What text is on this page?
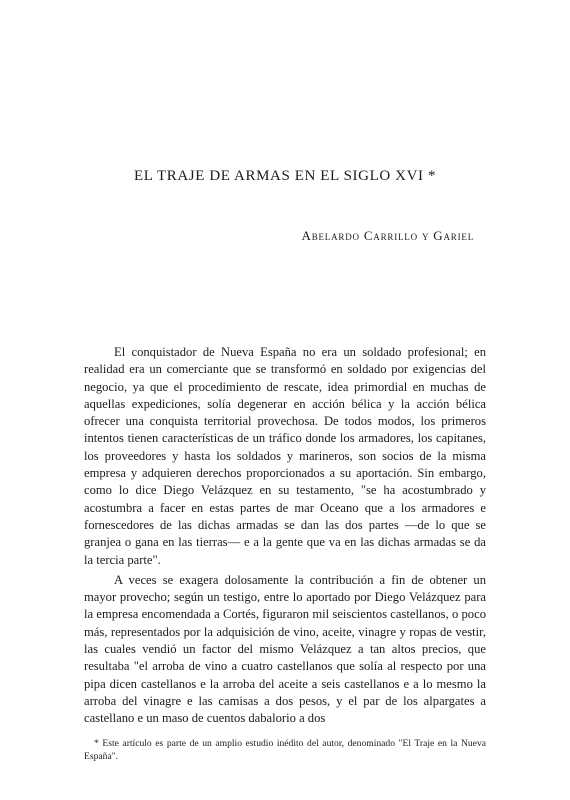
EL TRAJE DE ARMAS EN EL SIGLO XVI *
Abelardo Carrillo y Gariel

El conquistador de Nueva España no era un soldado profesional; en realidad era un comerciante que se transformó en soldado por exigencias del negocio, ya que el procedimiento de rescate, idea primordial en muchas de aquellas expediciones, solía degenerar en acción bélica y la acción bélica ofrecer una conquista territorial provechosa. De todos modos, los primeros intentos tienen características de un tráfico donde los armadores, los capitanes, los proveedores y hasta los soldados y marineros, son socios de la misma empresa y adquieren derechos proporcionados a su aportación. Sin embargo, como lo dice Diego Velázquez en su testamento, "se ha acostumbrado y acostumbra a facer en estas partes de mar Oceano que a los armadores e fornescedores de las dichas armadas se dan las dos partes —de lo que se granjea o gana en las tierras— e a la gente que va en las dichas armadas se da la tercia parte".

A veces se exagera dolosamente la contribución a fin de obtener un mayor provecho; según un testigo, entre lo aportado por Diego Velázquez para la empresa encomendada a Cortés, figuraron mil seiscientos castellanos, o poco más, representados por la adquisición de vino, aceite, vinagre y ropas de vestir, las cuales vendió un factor del mismo Velázquez a tan altos precios, que resultaba "el arroba de vino a cuatro castellanos que solía al respecto por una pipa dicen castellanos e la arroba del aceite a seis castellanos e a lo mesmo la arroba del vinagre e las camisas a dos pesos, y el par de los alpargates a castellano e un maso de cuentos dabalorio a dos

* Este artículo es parte de un amplio estudio inédito del autor, denominado "El Traje en la Nueva España".
